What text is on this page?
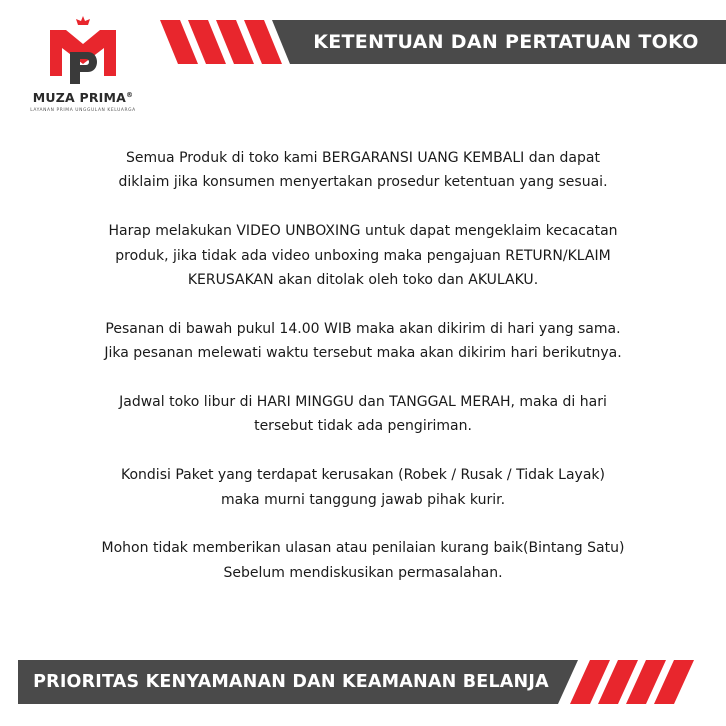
MUZA PRIMA®
LAYANAN PRIMA UNGGULAN KELUARGA
KETENTUAN DAN PERTATUAN TOKO

Semua Produk di toko kami BERGARANSI UANG KEMBALI dan dapat
diklaim jika konsumen menyertakan prosedur ketentuan yang sesuai.

Harap melakukan VIDEO UNBOXING untuk dapat mengeklaim kecacatan
produk, jika tidak ada video unboxing maka pengajuan RETURN/KLAIM
KERUSAKAN akan ditolak oleh toko dan AKULAKU.

Pesanan di bawah pukul 14.00 WIB maka akan dikirim di hari yang sama.
Jika pesanan melewati waktu tersebut maka akan dikirim hari berikutnya.

Jadwal toko libur di HARI MINGGU dan TANGGAL MERAH, maka di hari
tersebut tidak ada pengiriman.

Kondisi Paket yang terdapat kerusakan (Robek / Rusak / Tidak Layak)
maka murni tanggung jawab pihak kurir.

Mohon tidak memberikan ulasan atau penilaian kurang baik(Bintang Satu)
Sebelum mendiskusikan permasalahan.

PRIORITAS KENYAMANAN DAN KEAMANAN BELANJA
